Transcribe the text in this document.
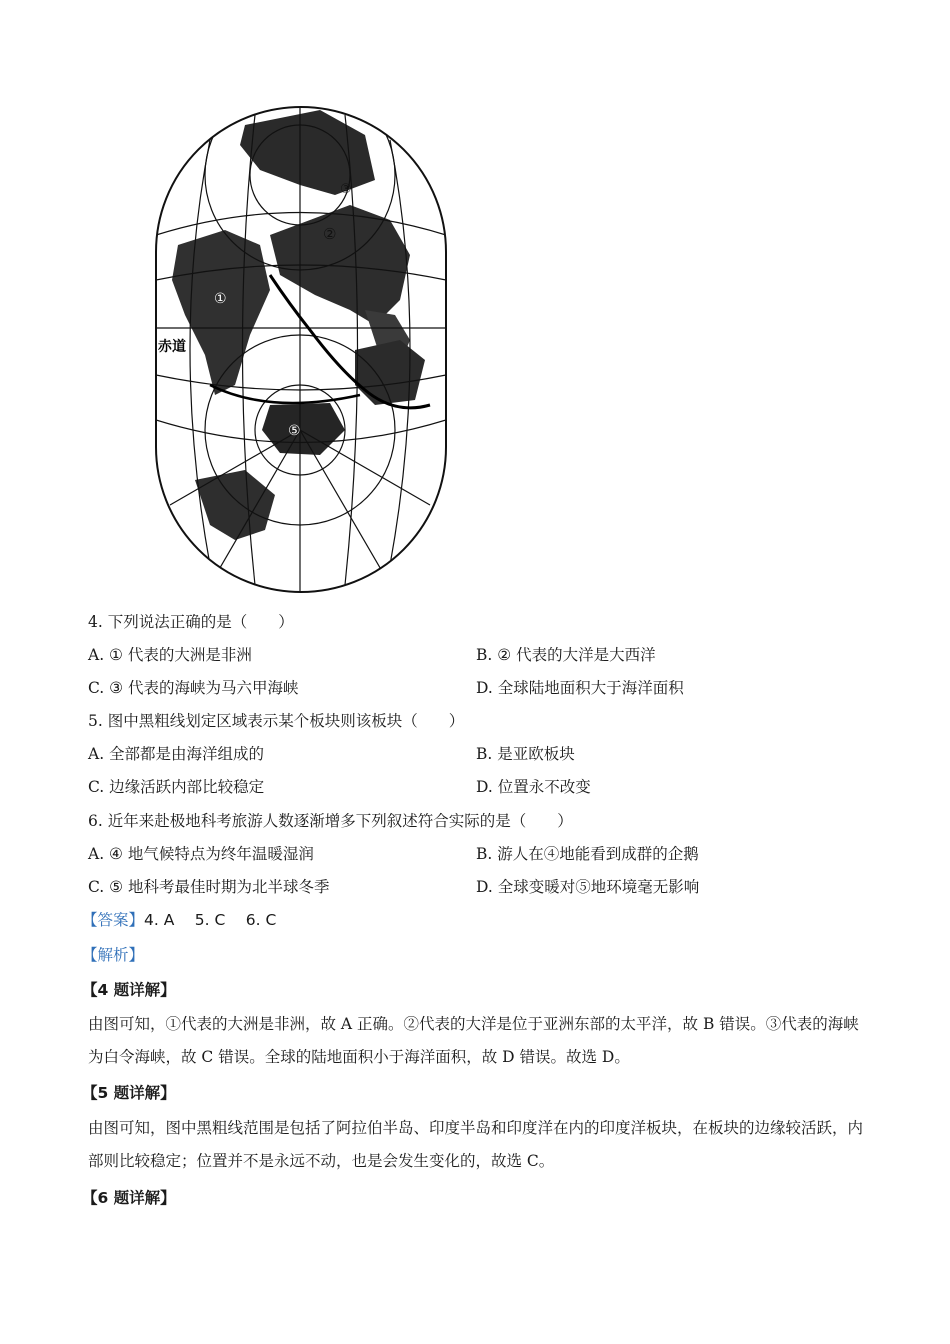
赤道
①
②
③
⑤
4. 下列说法正确的是（　　）
A. ① 代表的大洲是非洲	B. ② 代表的大洋是大西洋
C. ③ 代表的海峡为马六甲海峡	D. 全球陆地面积大于海洋面积
5. 图中黑粗线划定区域表示某个板块则该板块（　　）
A. 全部都是由海洋组成的	B. 是亚欧板块
C. 边缘活跃内部比较稳定	D. 位置永不改变
6. 近年来赴极地科考旅游人数逐渐增多下列叙述符合实际的是（　　）
A. ④ 地气候特点为终年温暖湿润	B. 游人在④地能看到成群的企鹅
C. ⑤ 地科考最佳时期为北半球冬季	D. 全球变暖对⑤地环境毫无影响
【答案】4. A　 5. C　 6. C
【解析】
【4 题详解】
由图可知，①代表的大洲是非洲，故 A 正确。②代表的大洋是位于亚洲东部的太平洋，故 B 错误。③代表的海峡为白令海峡，故 C 错误。全球的陆地面积小于海洋面积，故 D 错误。故选 D。
【5 题详解】
由图可知，图中黑粗线范围是包括了阿拉伯半岛、印度半岛和印度洋在内的印度洋板块，在板块的边缘较活跃，内部则比较稳定；位置并不是永远不动，也是会发生变化的，故选 C。
【6 题详解】
